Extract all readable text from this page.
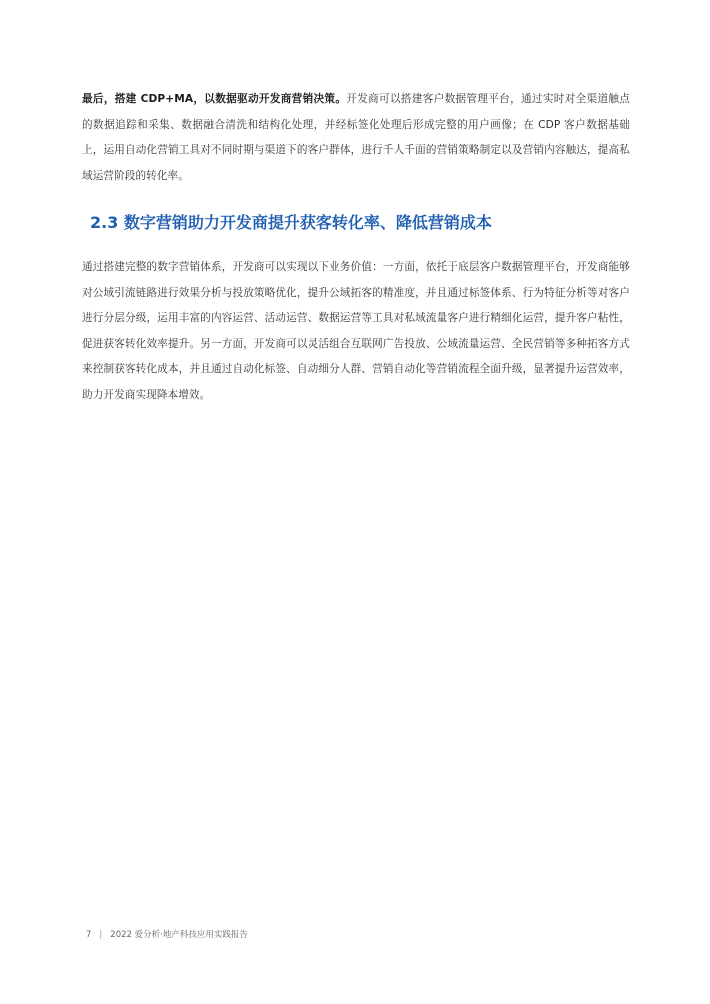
最后，搭建 CDP+MA，以数据驱动开发商营销决策。开发商可以搭建客户数据管理平台，通过实时对全渠道触点的数据追踪和采集、数据融合清洗和结构化处理，并经标签化处理后形成完整的用户画像；在 CDP 客户数据基础上，运用自动化营销工具对不同时期与渠道下的客户群体，进行千人千面的营销策略制定以及营销内容触达，提高私域运营阶段的转化率。

2.3 数字营销助力开发商提升获客转化率、降低营销成本

通过搭建完整的数字营销体系，开发商可以实现以下业务价值：一方面，依托于底层客户数据管理平台，开发商能够对公域引流链路进行效果分析与投放策略优化，提升公域拓客的精准度，并且通过标签体系、行为特征分析等对客户进行分层分级，运用丰富的内容运营、活动运营、数据运营等工具对私域流量客户进行精细化运营，提升客户粘性，促进获客转化效率提升。另一方面，开发商可以灵活组合互联网广告投放、公域流量运营、全民营销等多种拓客方式来控制获客转化成本，并且通过自动化标签、自动细分人群、营销自动化等营销流程全面升级，显著提升运营效率，助力开发商实现降本增效。

7 | 2022 爱分析·地产科技应用实践报告
